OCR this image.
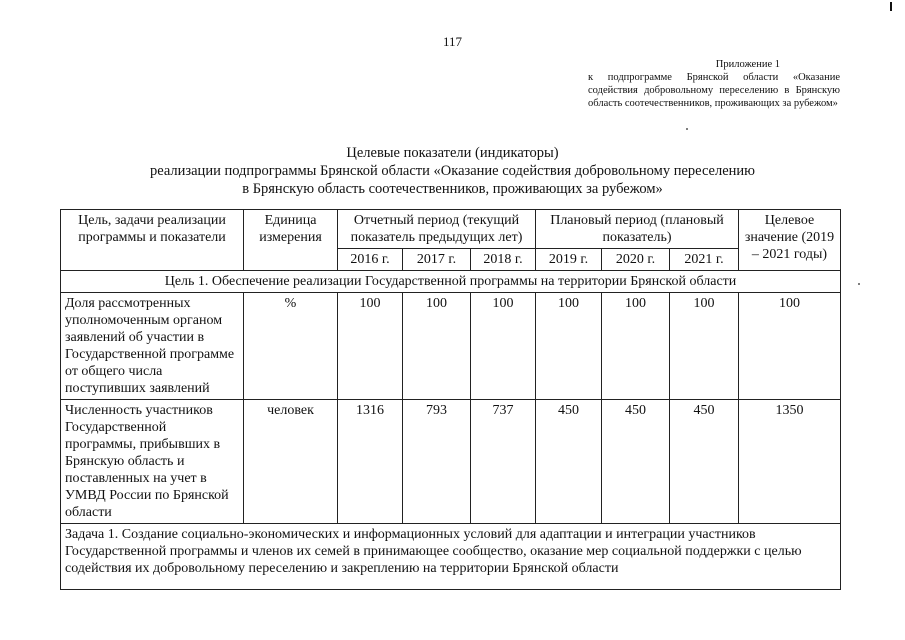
117
Приложение 1
к подпрограмме Брянской области «Оказание содействия добровольному переселению в Брянскую область соотечественников, проживающих за рубежом»
Целевые показатели (индикаторы)
реализации подпрограммы Брянской области «Оказание содействия добровольному переселению
в Брянскую область соотечественников, проживающих за рубежом»
Цель, задачи реализации программы и показатели	Единица измерения	Отчетный период (текущий показатель предыдущих лет)			Плановый период (плановый показатель)			Целевое значение (2019 – 2021 годы)
		2016 г.	2017 г.	2018 г.	2019 г.	2020 г.	2021 г.	
Цель 1. Обеспечение реализации Государственной программы на территории Брянской области								
Доля рассмотренных уполномоченным органом заявлений об участии в Государственной программе от общего числа поступивших заявлений	%	100	100	100	100	100	100	100
Численность участников Государственной программы, прибывших в Брянскую область и поставленных на учет в УМВД России по Брянской области	человек	1316	793	737	450	450	450	1350
Задача 1. Создание социально-экономических и информационных условий для адаптации и интеграции участников Государственной программы и членов их семей в принимающее сообщество, оказание мер социальной поддержки с целью содействия их добровольному переселению и закреплению на территории Брянской области								
